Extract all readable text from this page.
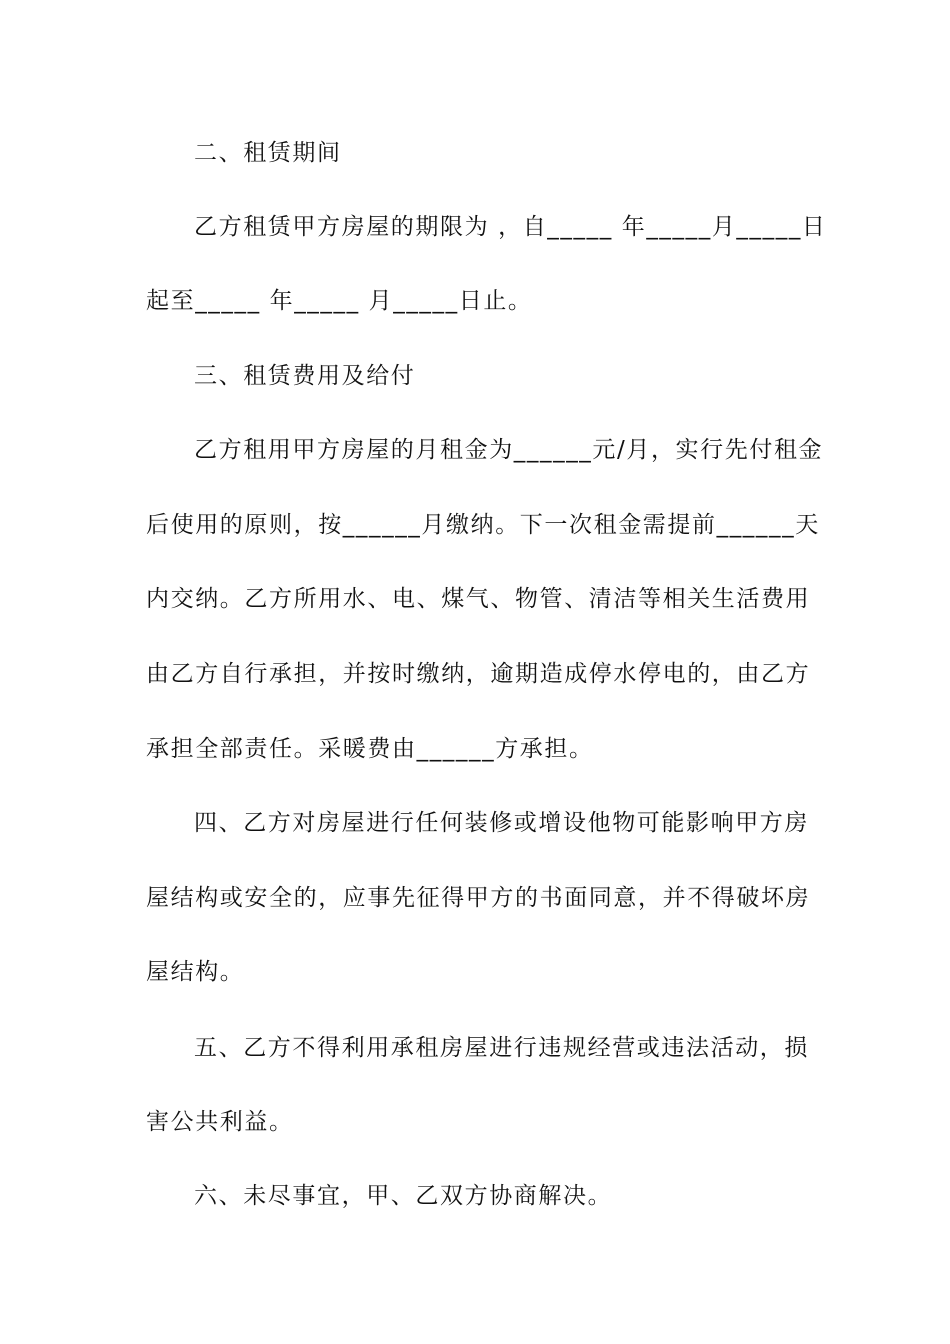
二、租赁期间
乙方租赁甲方房屋的期限为 ，自_____ 年_____月_____日
起至_____ 年_____ 月_____日止。
三、租赁费用及给付
乙方租用甲方房屋的月租金为______元/月，实行先付租金
后使用的原则，按______月缴纳。下一次租金需提前______天
内交纳。乙方所用水、电、煤气、物管、清洁等相关生活费用
由乙方自行承担，并按时缴纳，逾期造成停水停电的，由乙方
承担全部责任。采暖费由______方承担。
四、乙方对房屋进行任何装修或增设他物可能影响甲方房
屋结构或安全的，应事先征得甲方的书面同意，并不得破坏房
屋结构。
五、乙方不得利用承租房屋进行违规经营或违法活动，损
害公共利益。
六、未尽事宜，甲、乙双方协商解决。
